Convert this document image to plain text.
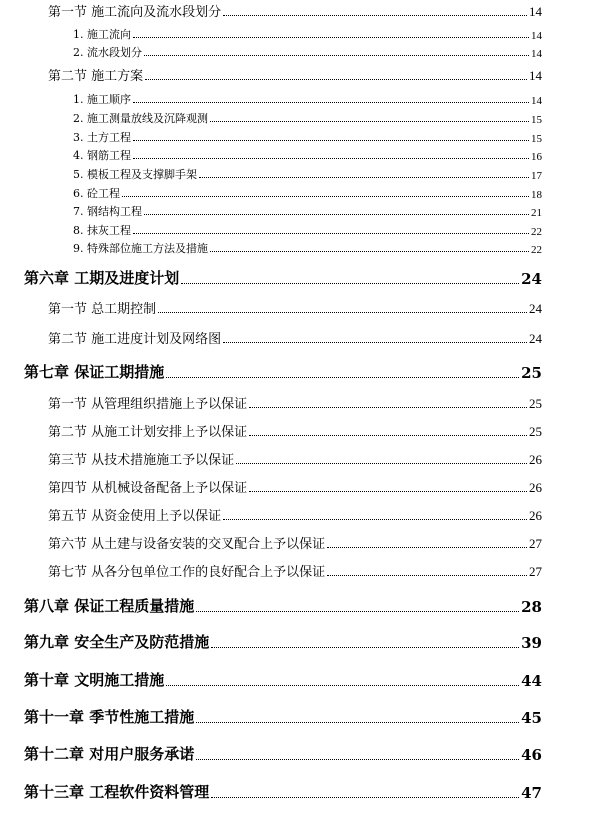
第一节 施工流向及流水段划分	14
1. 施工流向	14
2. 流水段划分	14
第二节 施工方案	14
1. 施工顺序	14
2. 施工测量放线及沉降观测	15
3. 土方工程	15
4. 钢筋工程	16
5. 模板工程及支撑脚手架	17
6. 砼工程	18
7. 钢结构工程	21
8. 抹灰工程	22
9. 特殊部位施工方法及措施	22
第六章 工期及进度计划	24
第一节 总工期控制	24
第二节 施工进度计划及网络图	24
第七章 保证工期措施	25
第一节 从管理组织措施上予以保证	25
第二节 从施工计划安排上予以保证	25
第三节 从技术措施施工予以保证	26
第四节 从机械设备配备上予以保证	26
第五节 从资金使用上予以保证	26
第六节 从土建与设备安装的交叉配合上予以保证	27
第七节 从各分包单位工作的良好配合上予以保证	27
第八章 保证工程质量措施	28
第九章 安全生产及防范措施	39
第十章 文明施工措施	44
第十一章 季节性施工措施	45
第十二章 对用户服务承诺	46
第十三章 工程软件资料管理	47
